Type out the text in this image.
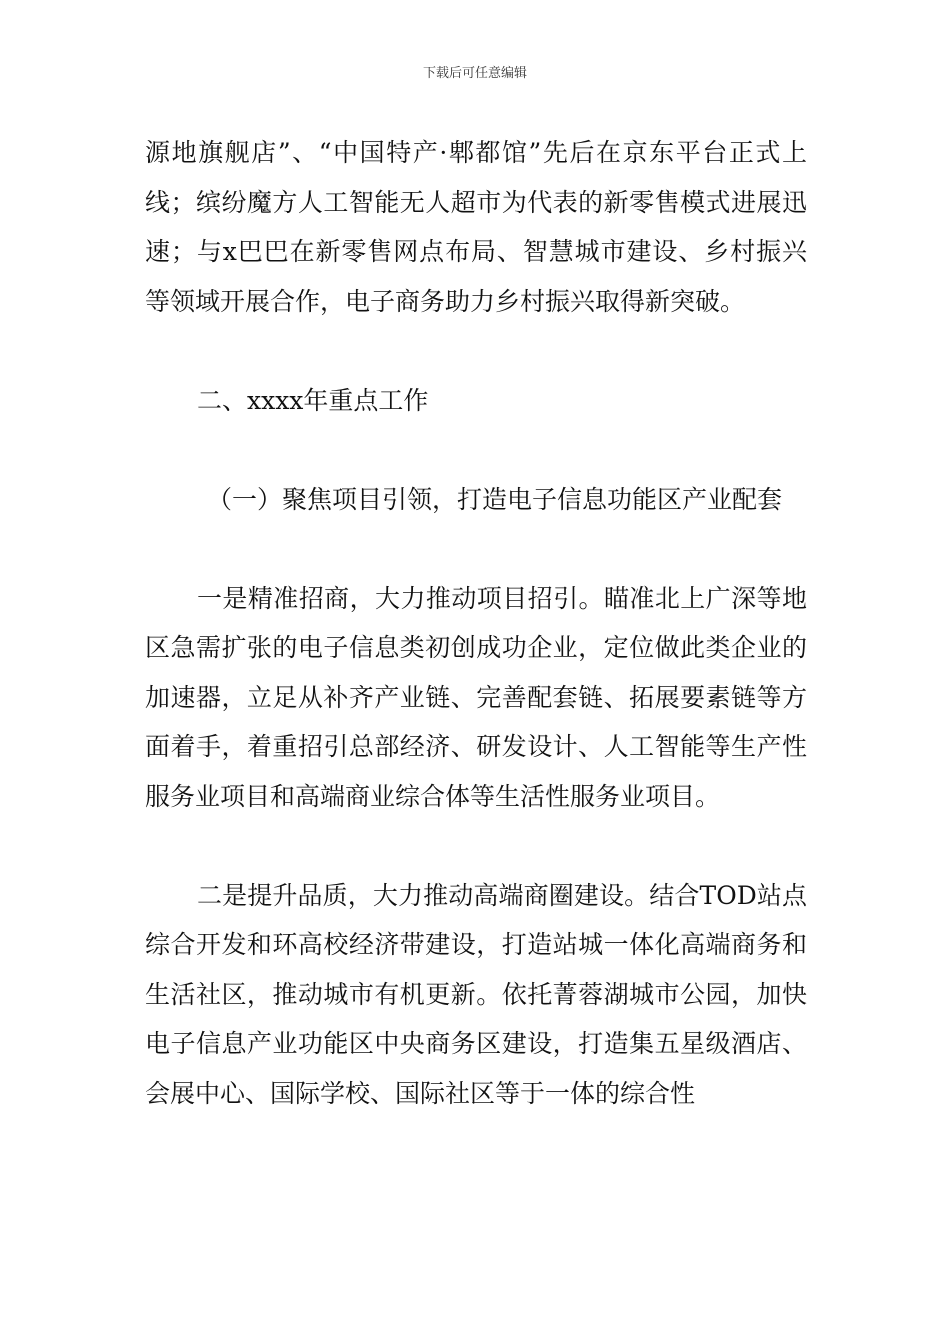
下载后可任意编辑

源地旗舰店”、“中国特产·郫都馆”先后在京东平台正式上线；缤纷魔方人工智能无人超市为代表的新零售模式进展迅速；与x巴巴在新零售网点布局、智慧城市建设、乡村振兴等领域开展合作，电子商务助力乡村振兴取得新突破。

二、xxxx年重点工作

（一）聚焦项目引领，打造电子信息功能区产业配套

一是精准招商，大力推动项目招引。瞄准北上广深等地区急需扩张的电子信息类初创成功企业，定位做此类企业的加速器，立足从补齐产业链、完善配套链、拓展要素链等方面着手，着重招引总部经济、研发设计、人工智能等生产性服务业项目和高端商业综合体等生活性服务业项目。

二是提升品质，大力推动高端商圈建设。结合TOD站点综合开发和环高校经济带建设，打造站城一体化高端商务和生活社区，推动城市有机更新。依托菁蓉湖城市公园，加快电子信息产业功能区中央商务区建设，打造集五星级酒店、会展中心、国际学校、国际社区等于一体的综合性
